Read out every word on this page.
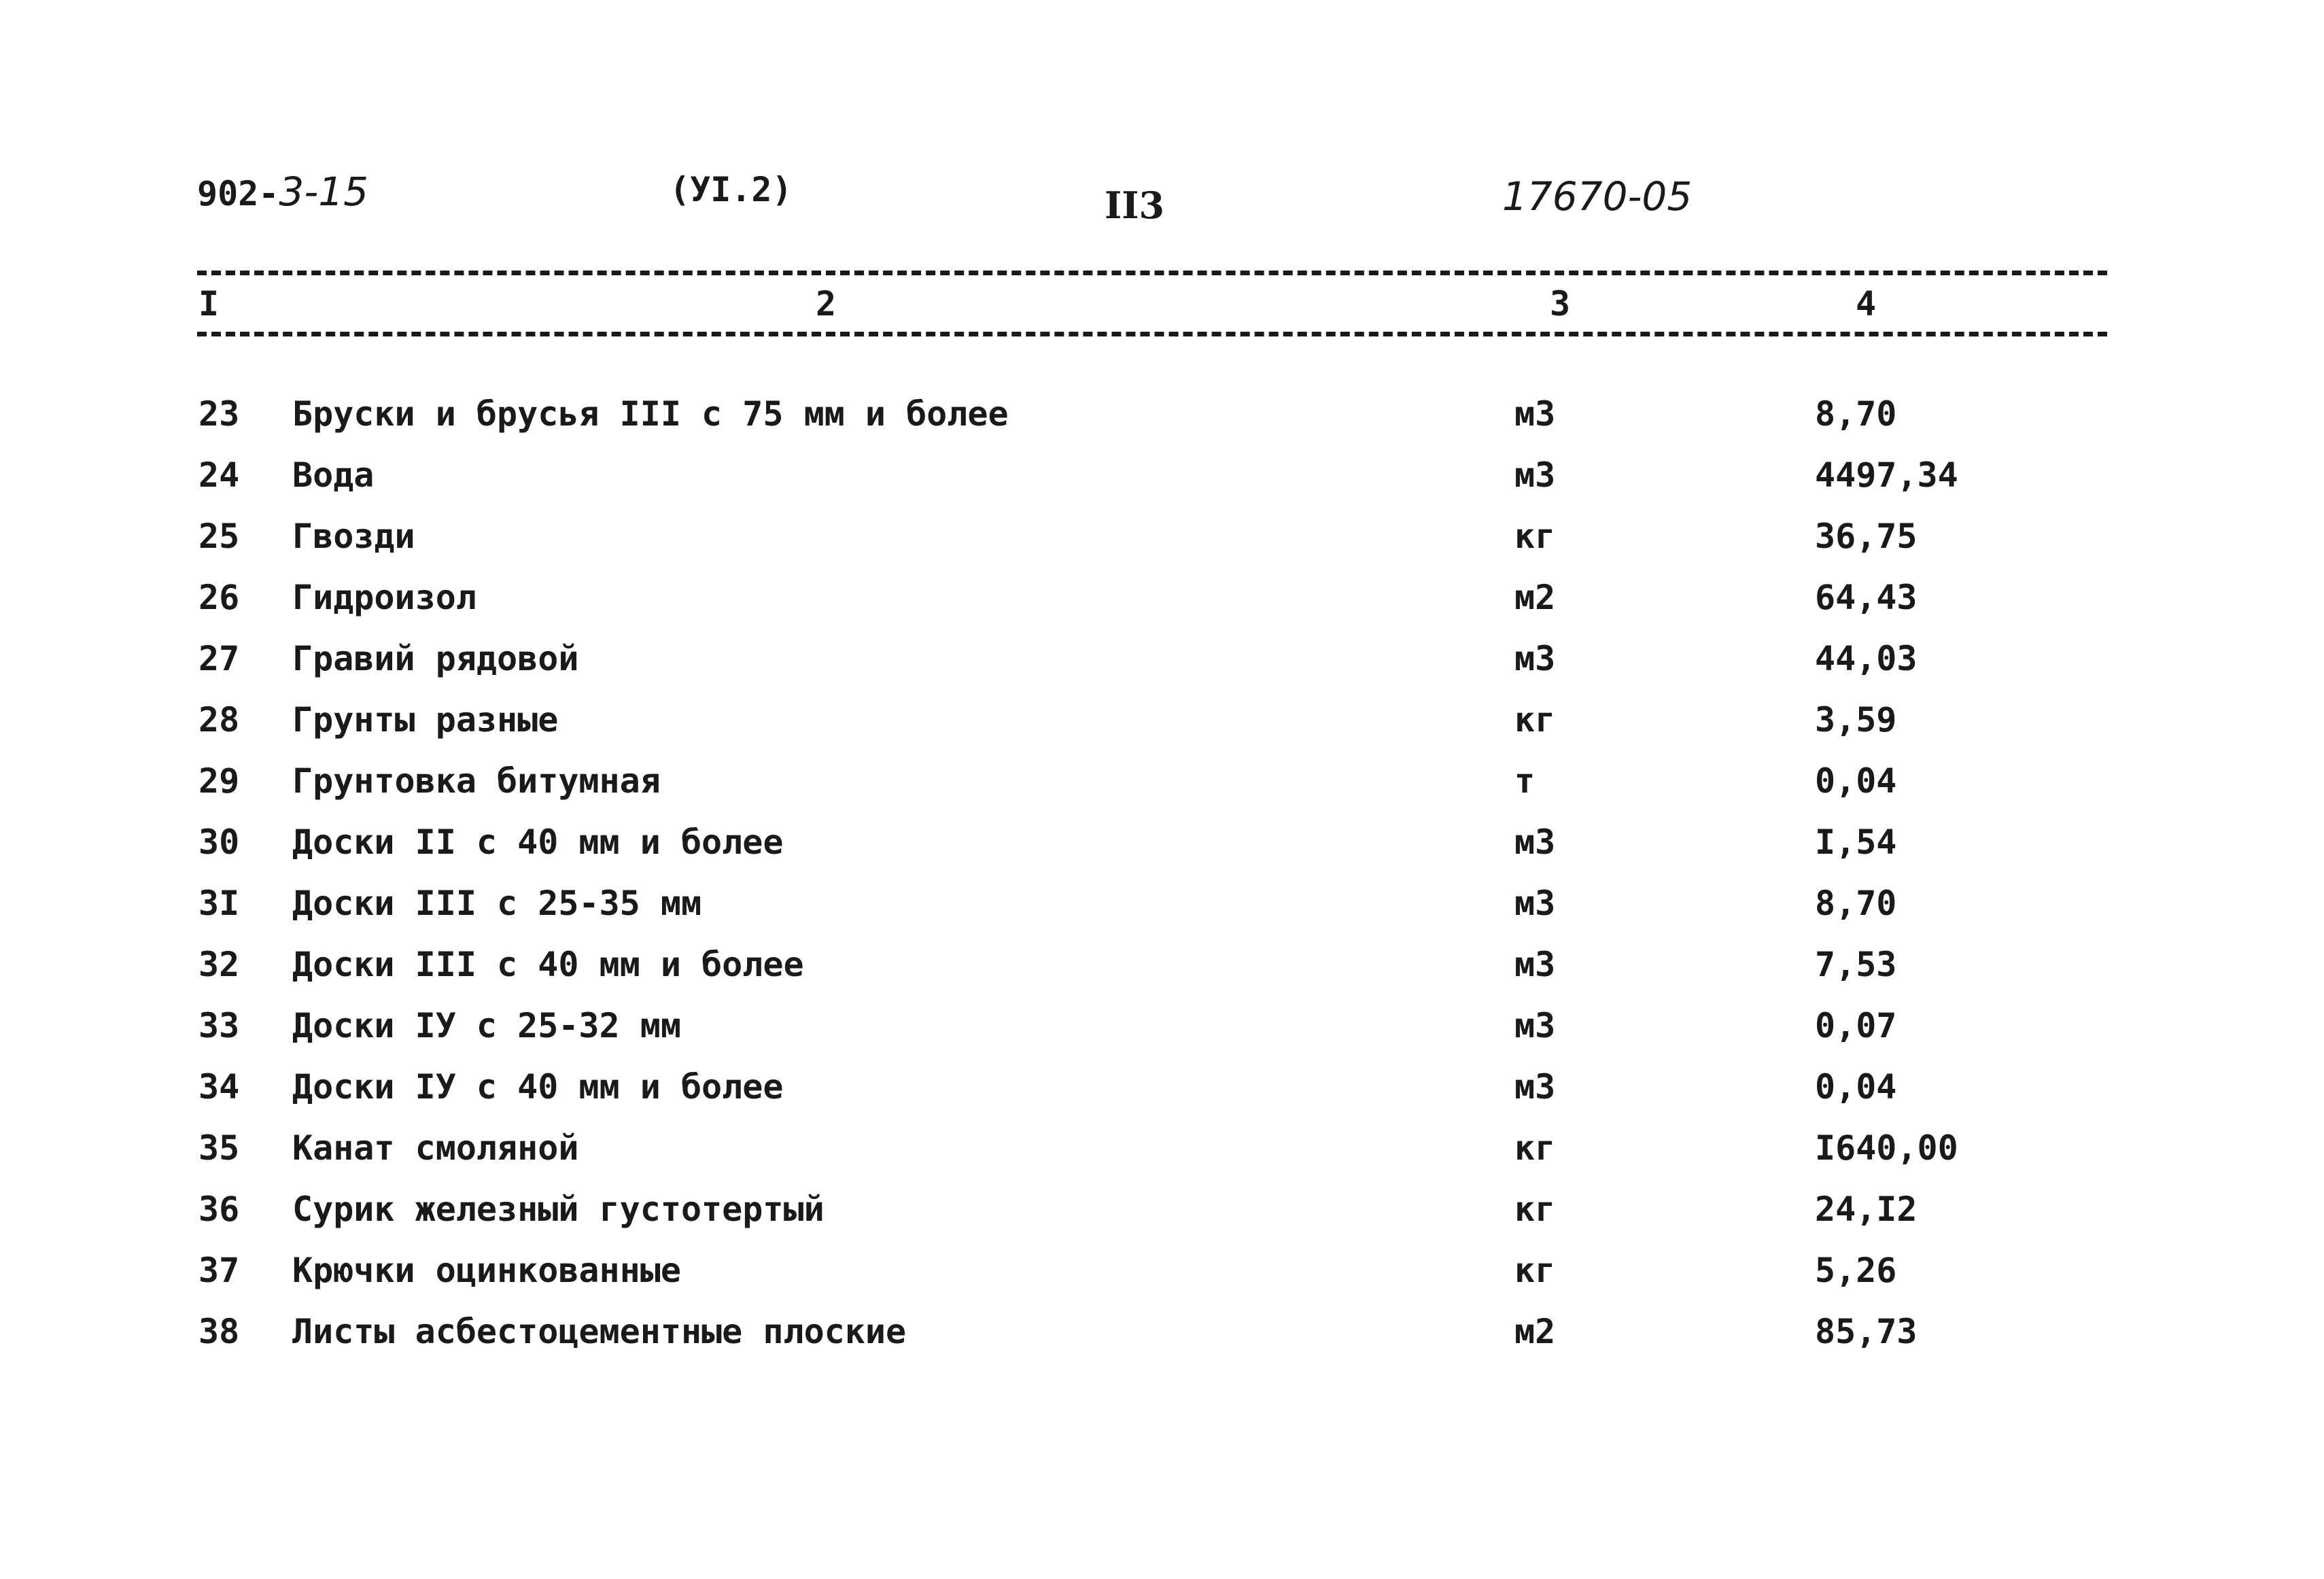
902-3-15	(УI.2)	II3	17670-05
I	2	3	4
23 Бруски и брусья III с 75 мм и более	м3	8,70
24 Вода	м3	4497,34
25 Гвозди	кг	36,75
26 Гидроизол	м2	64,43
27 Гравий рядовой	м3	44,03
28 Грунты разные	кг	3,59
29 Грунтовка битумная	т	0,04
30 Доски II с 40 мм и более	м3	I,54
3I Доски III с 25-35 мм	м3	8,70
32 Доски III с 40 мм и более	м3	7,53
33 Доски IУ с 25-32 мм	м3	0,07
34 Доски IУ с 40 мм и более	м3	0,04
35 Канат смоляной	кг	I640,00
36 Сурик железный густотертый	кг	24,I2
37 Крючки оцинкованные	кг	5,26
38 Листы асбестоцементные плоские	м2	85,73
